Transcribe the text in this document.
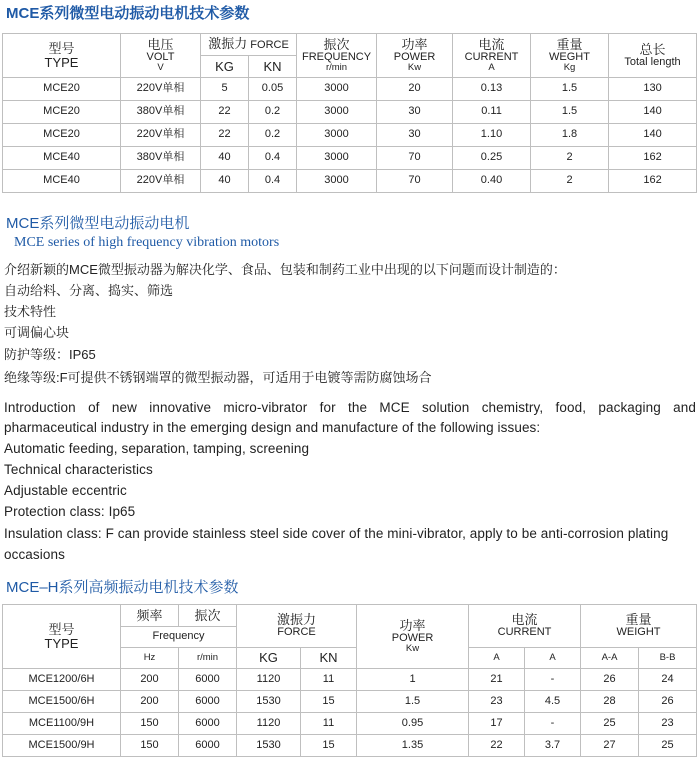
MCE系列微型电动振动电机技术参数
型号
TYPE	电压
VOLT
V	激振力 FORCE		振次
FREQUENCY
r/min	功率
POWER
Kw	电流
CURRENT
A	重量
WEGHT
Kg	总长
Total length

		KG	KN					
MCE20	220V单相	5	0.05	3000	20	0.13	1.5	130
MCE20	380V单相	22	0.2	3000	30	0.11	1.5	140
MCE20	220V单相	22	0.2	3000	30	1.10	1.8	140
MCE40	380V单相	40	0.4	3000	70	0.25	2	162
MCE40	220V单相	40	0.4	3000	70	0.40	2	162
MCE系列微型电动振动电机
MCE series of high frequency vibration motors
介绍新颖的MCE微型振动器为解决化学、食品、包装和制药工业中出现的以下问题而设计制造的：
自动给料、分离、捣实、筛选
技术特性
可调偏心块
防护等级：IP65
绝缘等级:F可提供不锈钢端罩的微型振动器，可适用于电镀等需防腐蚀场合
Introduction of new innovative micro-vibrator for the MCE solution chemistry, food, packaging and
pharmaceutical industry in the emerging design and manufacture of the following issues:
Automatic feeding, separation, tamping, screening
Technical characteristics
Adjustable eccentric
Protection class: Ip65
Insulation class: F can provide stainless steel side cover of the mini-vibrator, apply to be anti-corrosion plating
occasions
MCE–H系列高频振动电机技术参数
型号
TYPE	频率	振次	激振力
FORCE		功率
POWER
Kw	电流
CURRENT		重量
WEIGHT	

	Frequency								
	Hz	r/min	KG	KN		A	A	A-A	B-B
MCE1200/6H	200	6000	1120	11	1	21	-	26	24
MCE1500/6H	200	6000	1530	15	1.5	23	4.5	28	26
MCE1100/9H	150	6000	1120	11	0.95	17	-	25	23
MCE1500/9H	150	6000	1530	15	1.35	22	3.7	27	25
